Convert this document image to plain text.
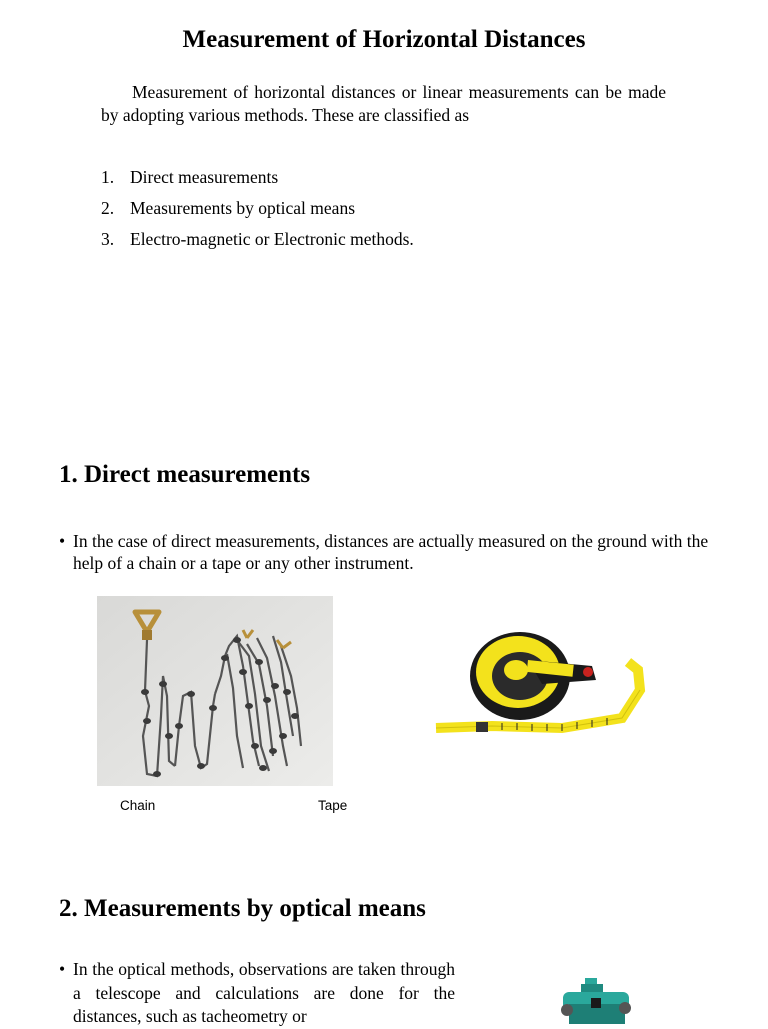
Measurement of Horizontal Distances
Measurement of horizontal distances or linear measurements can be made by adopting various methods. These are classified as
1. Direct measurements
2. Measurements by optical means
3. Electro-magnetic or Electronic methods.
1. Direct measurements
• In the case of direct measurements, distances are actually measured on the ground with the help of a chain or a tape or any other instrument.
Chain	Tape
2. Measurements by optical means
• In the optical methods, observations are taken through a telescope and calculations are done for the distances, such as tacheometry or
